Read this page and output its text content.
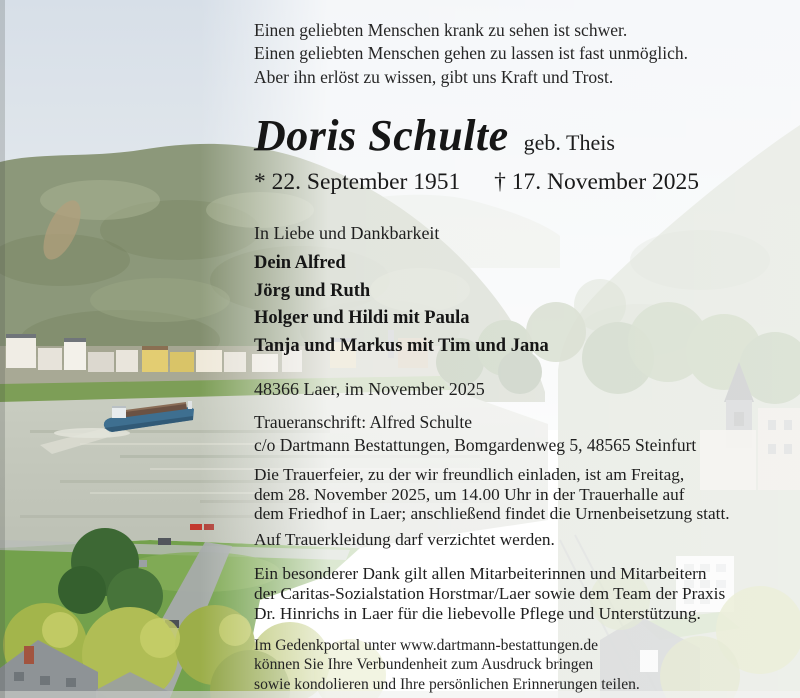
Einen geliebten Menschen krank zu sehen ist schwer.
Einen geliebten Menschen gehen zu lassen ist fast unmöglich.
Aber ihn erlöst zu wissen, gibt uns Kraft und Trost.
Doris Schulte geb. Theis
* 22. September 1951 † 17. November 2025
In Liebe und Dankbarkeit
Dein Alfred
Jörg und Ruth
Holger und Hildi mit Paula
Tanja und Markus mit Tim und Jana
48366 Laer, im November 2025
Traueranschrift: Alfred Schulte
c/o Dartmann Bestattungen, Bomgardenweg 5, 48565 Steinfurt
Die Trauerfeier, zu der wir freundlich einladen, ist am Freitag,
dem 28. November 2025, um 14.00 Uhr in der Trauerhalle auf
dem Friedhof in Laer; anschließend findet die Urnenbeisetzung statt.
Auf Trauerkleidung darf verzichtet werden.
Ein besonderer Dank gilt allen Mitarbeiterinnen und Mitarbeitern
der Caritas-Sozialstation Horstmar/Laer sowie dem Team der Praxis
Dr. Hinrichs in Laer für die liebevolle Pflege und Unterstützung.
Im Gedenkportal unter www.dartmann-bestattungen.de
können Sie Ihre Verbundenheit zum Ausdruck bringen
sowie kondolieren und Ihre persönlichen Erinnerungen teilen.
